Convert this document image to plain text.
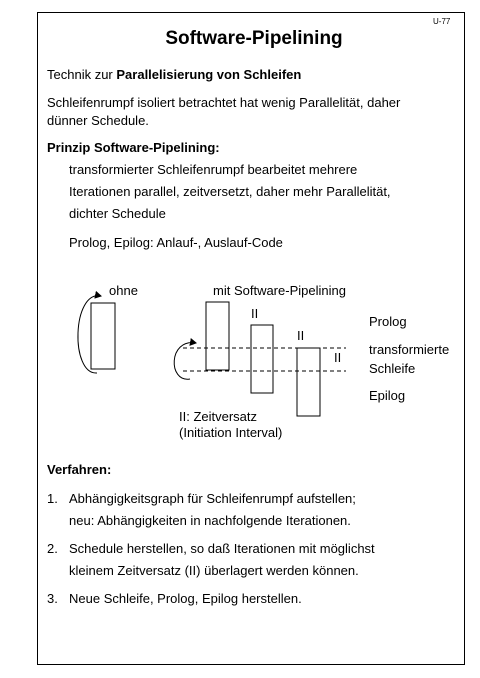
U-77
Software-Pipelining
Technik zur Parallelisierung von Schleifen
Schleifenrumpf isoliert betrachtet hat wenig Parallelität, daher
dünner Schedule.
Prinzip Software-Pipelining:
transformierter Schleifenrumpf bearbeitet mehrere
Iterationen parallel, zeitversetzt, daher mehr Parallelität,
dichter Schedule
Prolog, Epilog: Anlauf-, Auslauf-Code
ohne	mit Software-Pipelining
II
II
II
Prolog
transformierte
Schleife
Epilog
II: Zeitversatz
(Initiation Interval)
Verfahren:
1. Abhängigkeitsgraph für Schleifenrumpf aufstellen;
neu: Abhängigkeiten in nachfolgende Iterationen.
2. Schedule herstellen, so daß Iterationen mit möglichst
kleinem Zeitversatz (II) überlagert werden können.
3. Neue Schleife, Prolog, Epilog herstellen.
